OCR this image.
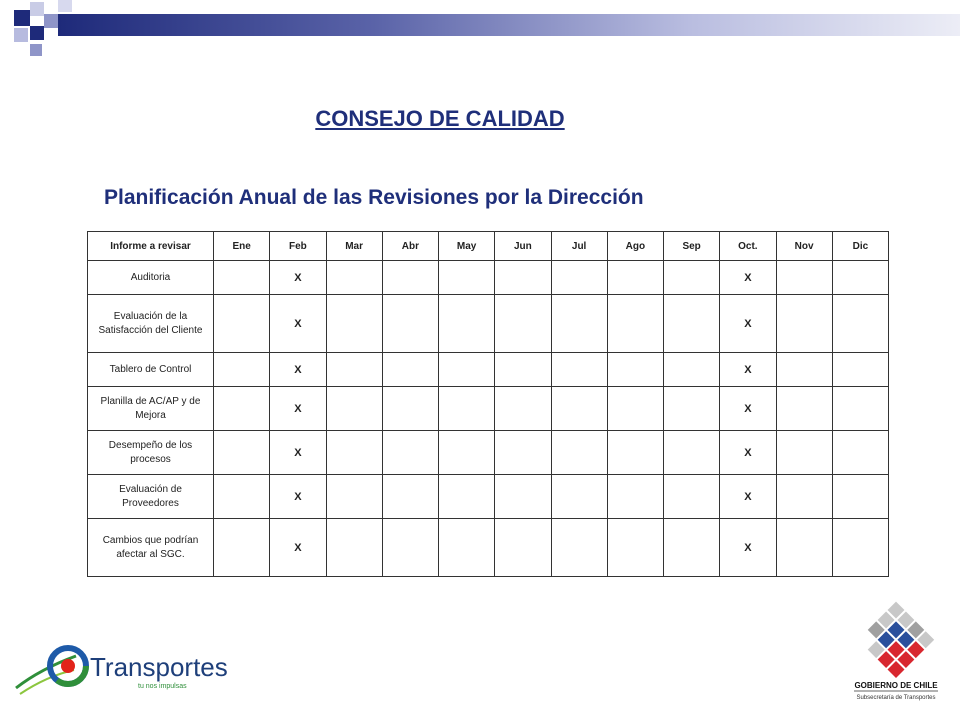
CONSEJO DE CALIDAD
Planificación Anual de las Revisiones por la Dirección
Informe a revisar	Ene	Feb	Mar	Abr	May	Jun	Jul	Ago	Sep	Oct.	Nov	Dic
Auditoria		X								X		
Evaluación de la Satisfacción del Cliente		X								X		
Tablero de Control		X								X		
Planilla de AC/AP y de Mejora		X								X		
Desempeño de los procesos		X								X		
Evaluación de Proveedores		X								X		
Cambios que podrían afectar al SGC.		X								X		
Transportes
tu nos impulsas	GOBIERNO DE CHILE
Subsecretaría de Transportes
